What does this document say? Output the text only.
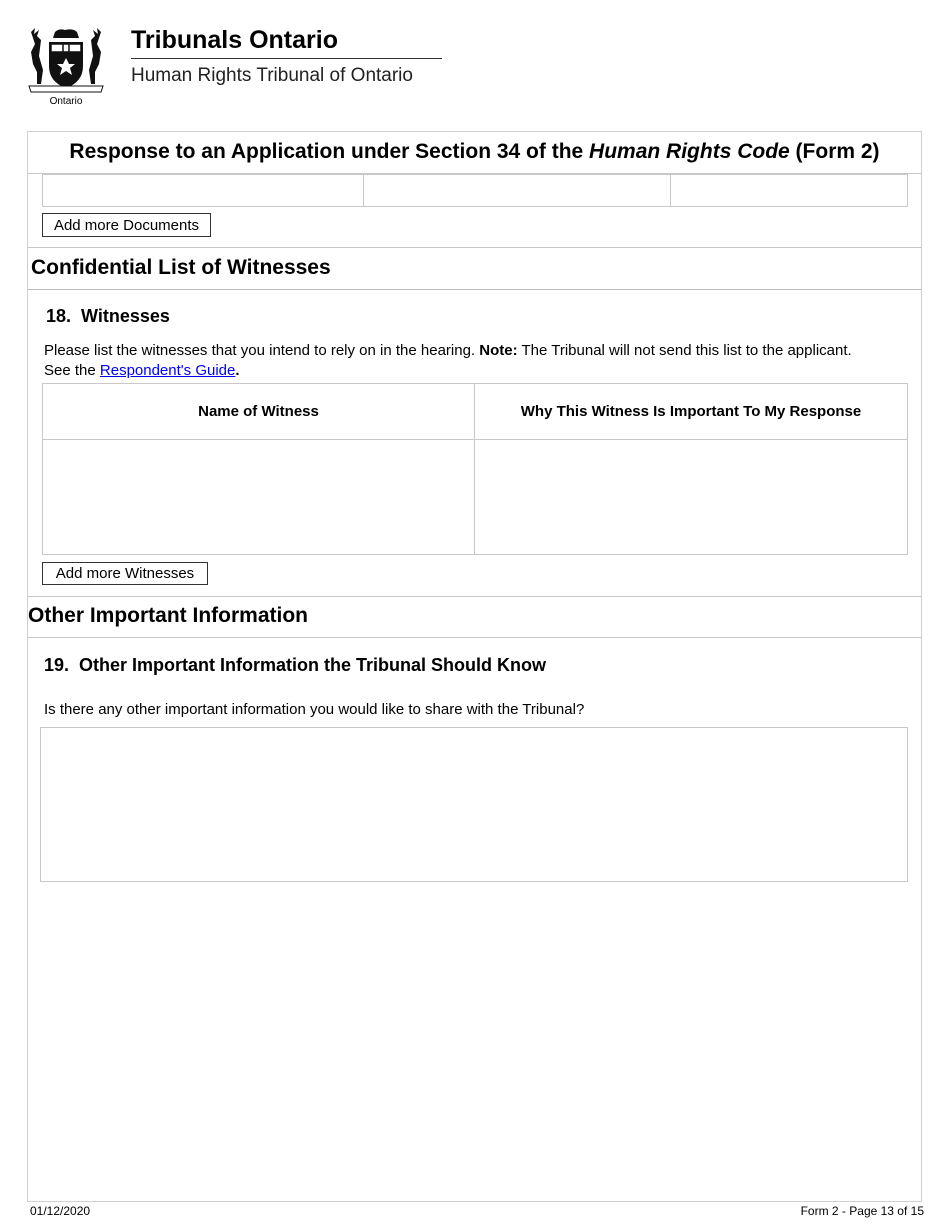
Ontario
Tribunals Ontario
Human Rights Tribunal of Ontario
Response to an Application under Section 34 of the Human Rights Code (Form 2)
Add more Documents
Confidential List of Witnesses
18. Witnesses
Please list the witnesses that you intend to rely on in the hearing. Note: The Tribunal will not send this list to the applicant.
See the Respondent's Guide.
Name of Witness	Why This Witness Is Important To My Response
Add more Witnesses
Other Important Information
19. Other Important Information the Tribunal Should Know
Is there any other important information you would like to share with the Tribunal?
01/12/2020	Form 2 - Page 13 of 15
